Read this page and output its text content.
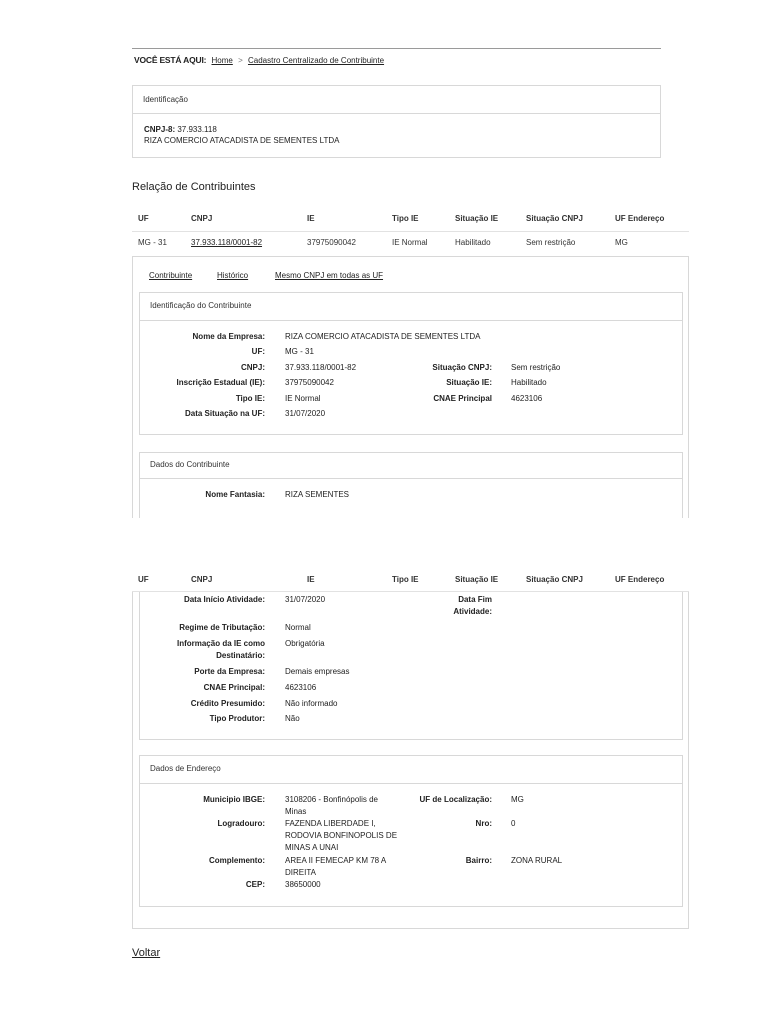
VOCÊ ESTÁ AQUI: Home > Cadastro Centralizado de Contribuinte
Identificação
CNPJ-8: 37.933.118
RIZA COMERCIO ATACADISTA DE SEMENTES LTDA
Relação de Contribuintes
UF	CNPJ	IE	Tipo IE	Situação IE	Situação CNPJ	UF Endereço
MG - 31	37.933.118/0001-82	37975090042	IE Normal	Habilitado	Sem restrição	MG
Contribuinte	Histórico	Mesmo CNPJ em todas as UF
Identificação do Contribuinte
Nome da Empresa:	RIZA COMERCIO ATACADISTA DE SEMENTES LTDA
UF:	MG - 31
CNPJ:	37.933.118/0001-82
Inscrição Estadual (IE):	37975090042
Tipo IE:	IE Normal
Data Situação na UF:	31/07/2020
Situação CNPJ: Sem restrição
Situação IE: Habilitado
CNAE Principal 4623106
Dados do Contribuinte
Nome Fantasia:	RIZA SEMENTES
UF	CNPJ	IE	Tipo IE	Situação IE	Situação CNPJ	UF Endereço
Data Início Atividade:	31/07/2020	Data Fim
Atividade:
Regime de Tributação:	Normal
Informação da IE como
Destinatário:
Obrigatória
Porte da Empresa:	Demais empresas
CNAE Principal:	4623106
Crédito Presumido:	Não informado
Tipo Produtor:	Não
Dados de Endereço
Municipio IBGE:	3108206 - Bonfinópolis de
Minas
Logradouro:	FAZENDA LIBERDADE I,
RODOVIA BONFINOPOLIS DE
MINAS A UNAI
Complemento:	AREA II FEMECAP KM 78 A
DIREITA
CEP:	38650000
UF de Localização: MG
Nro: 0
Bairro: ZONA RURAL
Voltar
